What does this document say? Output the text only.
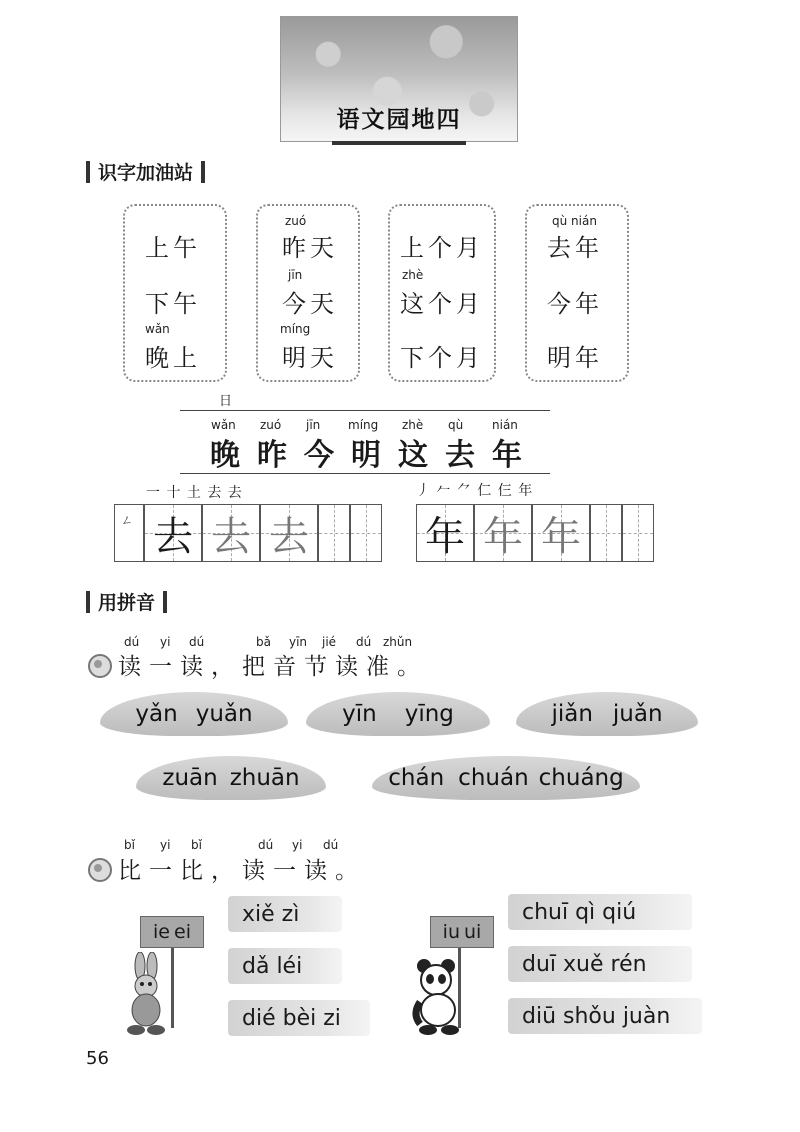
语文园地四
识字加油站
上午
下午
wǎn
晚上
zuó
昨天
jīn
今天
míng
明天
上个月
zhè
这个月
下个月
qù nián
去年
今年
明年
日
wǎn
晚
zuó
昨
jīn
今
míng
明
zhè
这
qù
去
nián
年
一 十 土 去 去
ㄥ 去 去 去
丿 𠂉 ⺈ 仁 仨 年
年 年 年
用拼音
dú yi dú	bǎ yīn jié dú zhǔn
读一读，把音节读准。
yǎn yuǎn	yīn yīng	jiǎn juǎn
zuān zhuān	chán chuán chuáng
bǐ yi bǐ	dú yi dú
比一比，读一读。
ie ei
xiě zì
dǎ léi
dié bèi zi
iu ui
chuī qì qiú
duī xuě rén
diū shǒu juàn
56
